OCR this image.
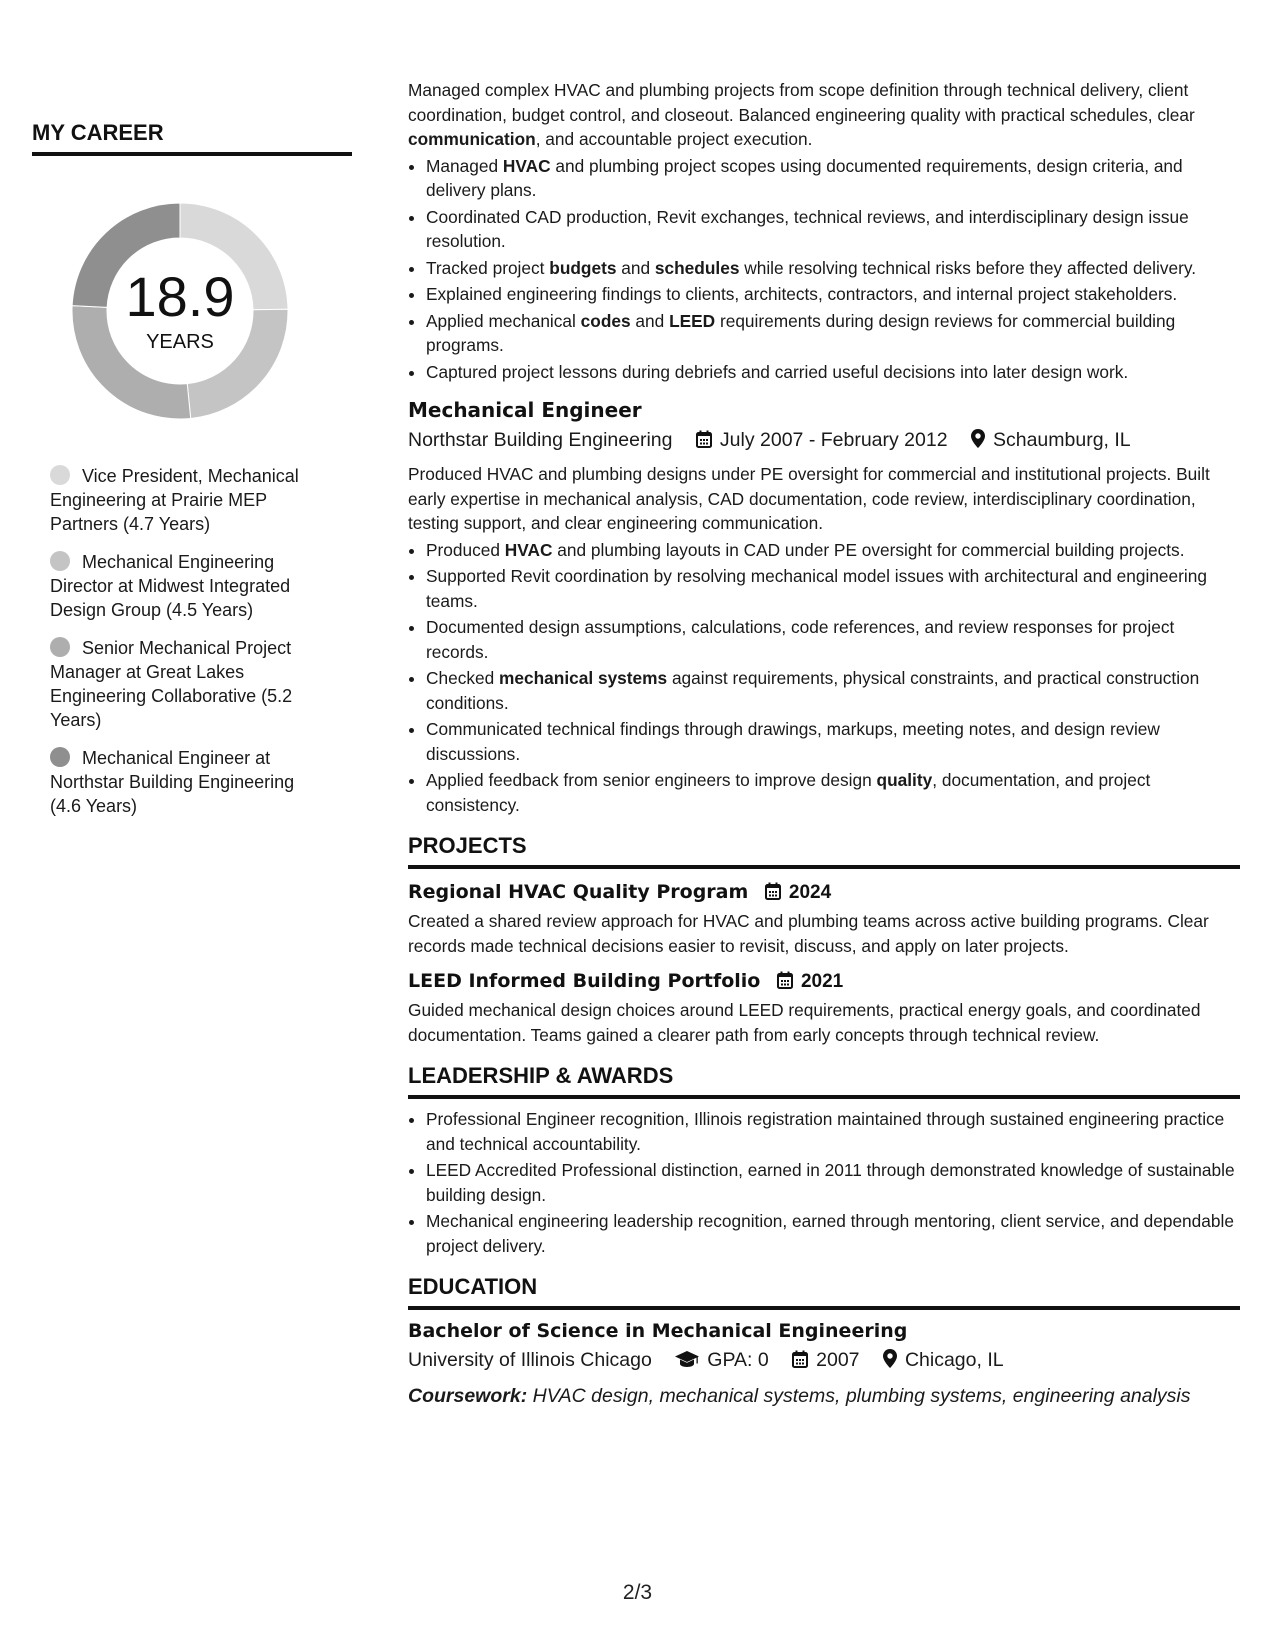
MY CAREER
18.9
YEARS
Vice President, Mechanical Engineering at Prairie MEP Partners (4.7 Years)
Mechanical Engineering Director at Midwest Integrated Design Group (4.5 Years)
Senior Mechanical Project Manager at Great Lakes Engineering Collaborative (5.2 Years)
Mechanical Engineer at Northstar Building Engineering (4.6 Years)

Managed complex HVAC and plumbing projects from scope definition through technical delivery, client coordination, budget control, and closeout. Balanced engineering quality with practical schedules, clear communication, and accountable project execution.

• Managed HVAC and plumbing project scopes using documented requirements, design criteria, and delivery plans.
• Coordinated CAD production, Revit exchanges, technical reviews, and interdisciplinary design issue resolution.
• Tracked project budgets and schedules while resolving technical risks before they affected delivery.
• Explained engineering findings to clients, architects, contractors, and internal project stakeholders.
• Applied mechanical codes and LEED requirements during design reviews for commercial building programs.
• Captured project lessons during debriefs and carried useful decisions into later design work.
Mechanical Engineer
Northstar Building Engineering July 2007 - February 2012 Schaumburg, IL

Produced HVAC and plumbing designs under PE oversight for commercial and institutional projects. Built early expertise in mechanical analysis, CAD documentation, code review, interdisciplinary coordination, testing support, and clear engineering communication.

• Produced HVAC and plumbing layouts in CAD under PE oversight for commercial building projects.
• Supported Revit coordination by resolving mechanical model issues with architectural and engineering teams.
• Documented design assumptions, calculations, code references, and review responses for project records.
• Checked mechanical systems against requirements, physical constraints, and practical construction conditions.
• Communicated technical findings through drawings, markups, meeting notes, and design review discussions.
• Applied feedback from senior engineers to improve design quality, documentation, and project consistency.
PROJECTS
Regional HVAC Quality Program 2024

Created a shared review approach for HVAC and plumbing teams across active building programs. Clear records made technical decisions easier to revisit, discuss, and apply on later projects.

LEED Informed Building Portfolio 2021

Guided mechanical design choices around LEED requirements, practical energy goals, and coordinated documentation. Teams gained a clearer path from early concepts through technical review.

LEADERSHIP & AWARDS
• Professional Engineer recognition, Illinois registration maintained through sustained engineering practice and technical accountability.
• LEED Accredited Professional distinction, earned in 2011 through demonstrated knowledge of sustainable building design.
• Mechanical engineering leadership recognition, earned through mentoring, client service, and dependable project delivery.
EDUCATION
Bachelor of Science in Mechanical Engineering
University of Illinois Chicago	GPA: 0 2007 Chicago, IL
Coursework: HVAC design, mechanical systems, plumbing systems, engineering analysis
2/3
